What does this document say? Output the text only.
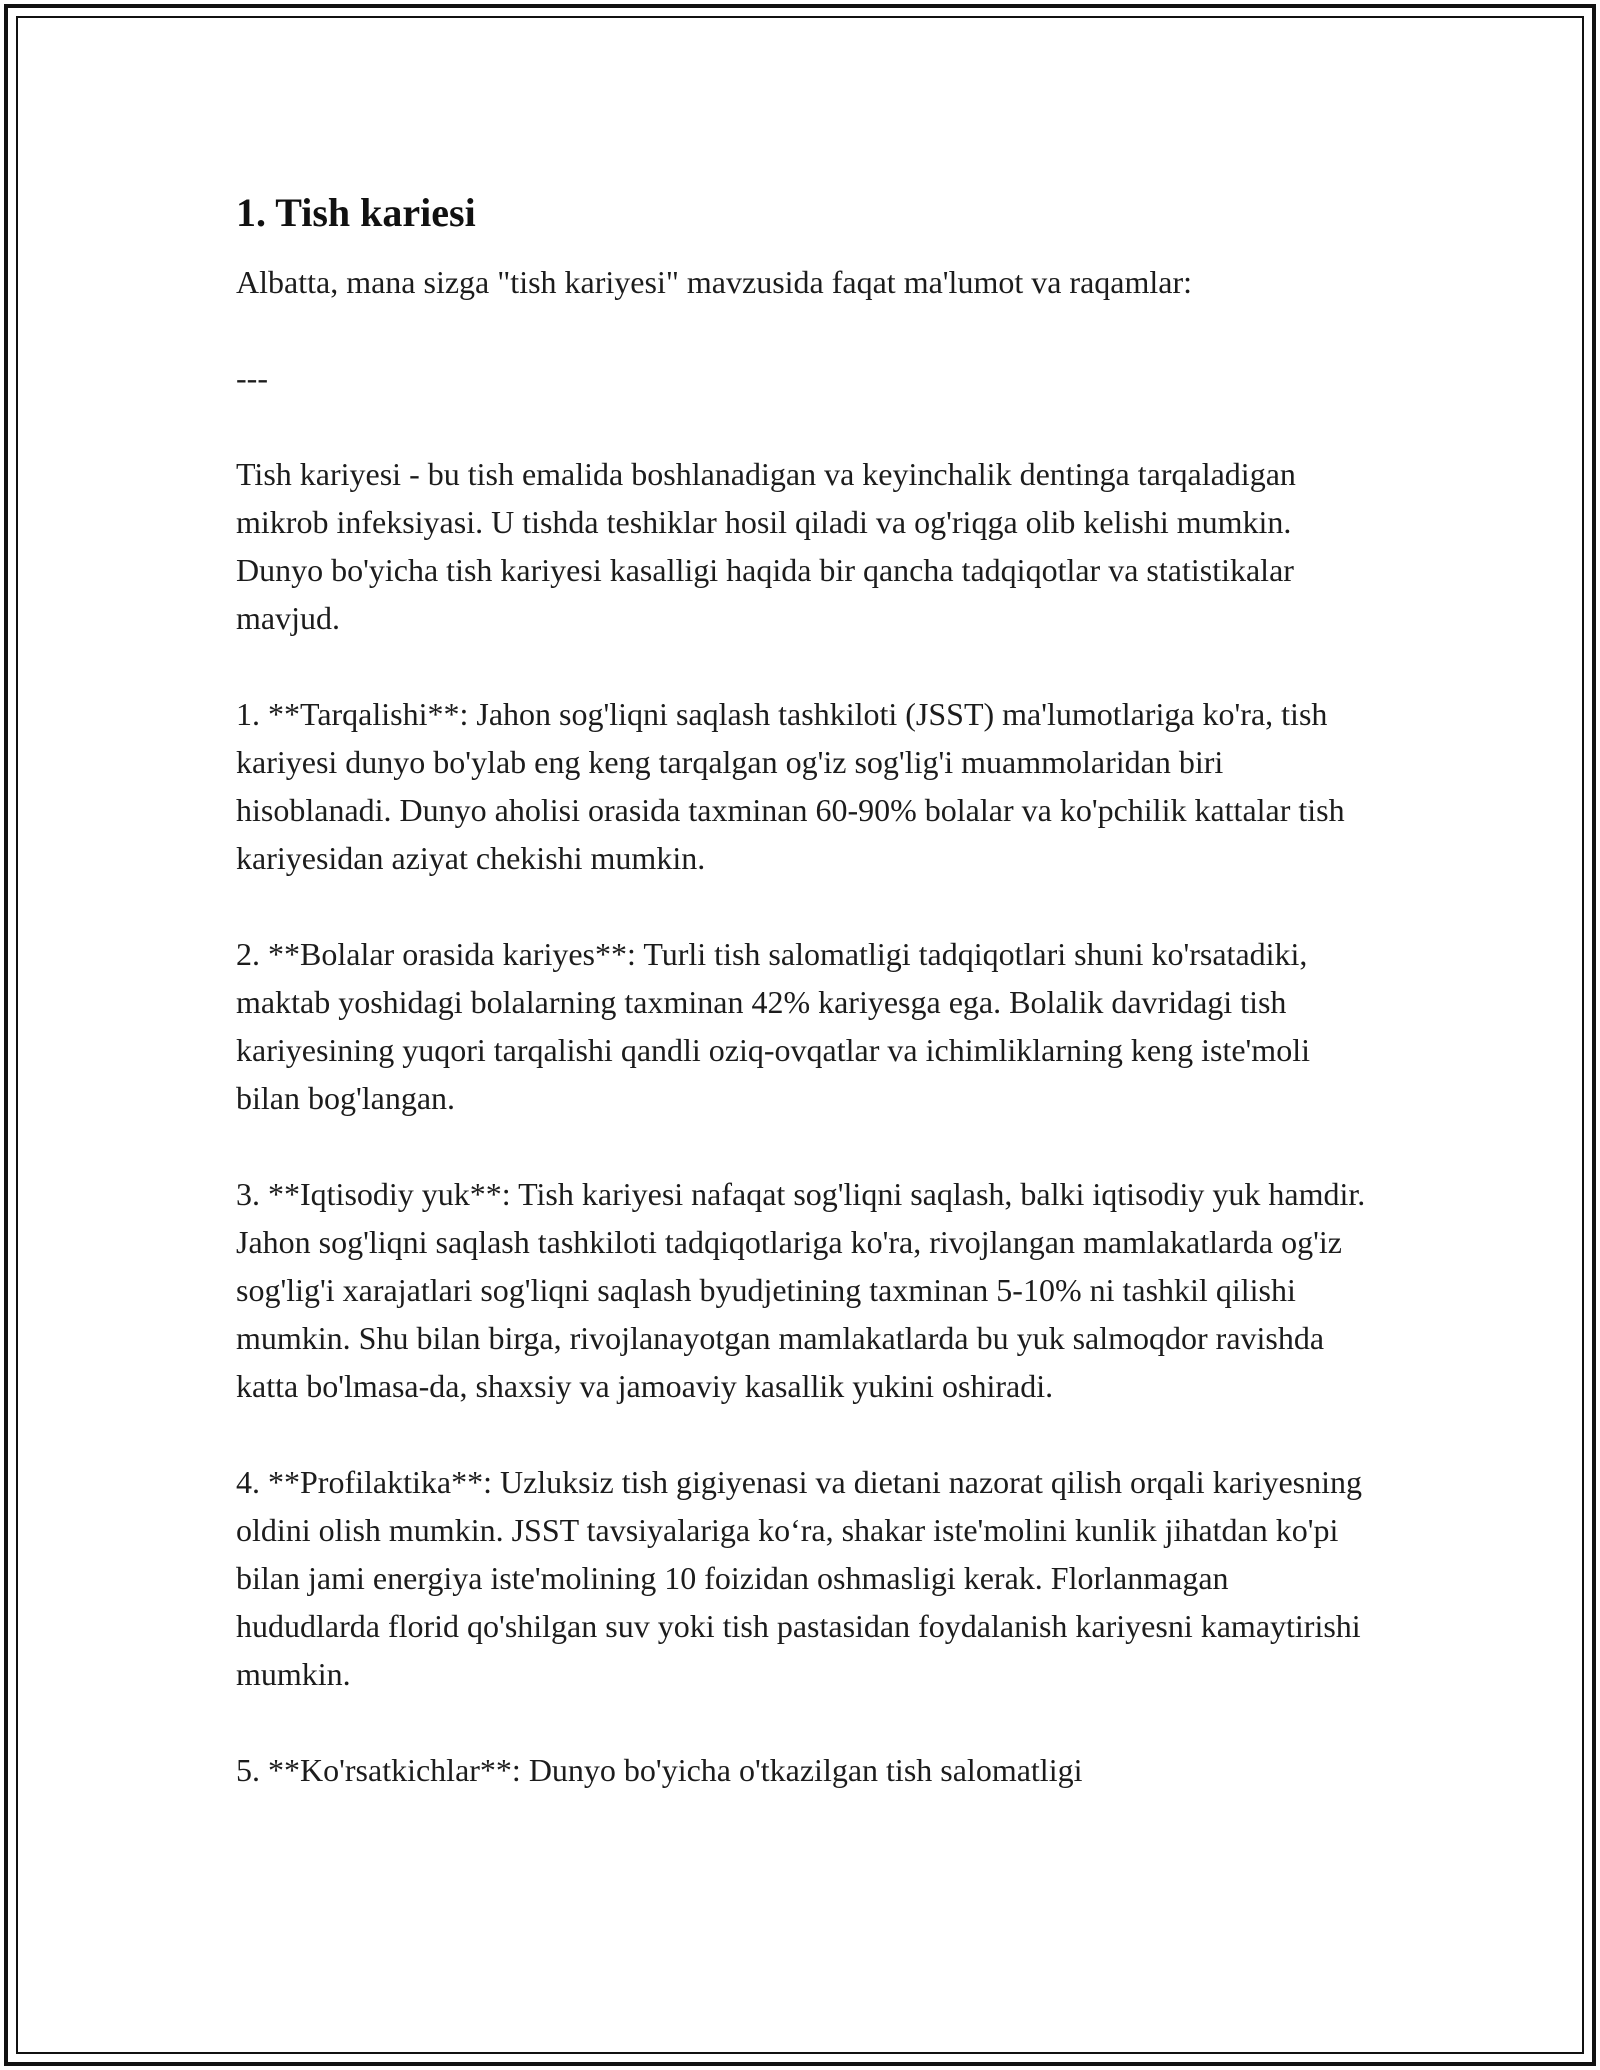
1. Tish kariesi

Albatta, mana sizga "tish kariyesi" mavzusida faqat ma'lumot va raqamlar:

---

Tish kariyesi - bu tish emalida boshlanadigan va keyinchalik dentinga tarqaladigan mikrob infeksiyasi. U tishda teshiklar hosil qiladi va og'riqga olib kelishi mumkin. Dunyo bo'yicha tish kariyesi kasalligi haqida bir qancha tadqiqotlar va statistikalar mavjud.

1. **Tarqalishi**: Jahon sog'liqni saqlash tashkiloti (JSST) ma'lumotlariga ko'ra, tish kariyesi dunyo bo'ylab eng keng tarqalgan og'iz sog'lig'i muammolaridan biri hisoblanadi. Dunyo aholisi orasida taxminan 60-90% bolalar va ko'pchilik kattalar tish kariyesidan aziyat chekishi mumkin.

2. **Bolalar orasida kariyes**: Turli tish salomatligi tadqiqotlari shuni ko'rsatadiki, maktab yoshidagi bolalarning taxminan 42% kariyesga ega. Bolalik davridagi tish kariyesining yuqori tarqalishi qandli oziq-ovqatlar va ichimliklarning keng iste'moli bilan bog'langan.

3. **Iqtisodiy yuk**: Tish kariyesi nafaqat sog'liqni saqlash, balki iqtisodiy yuk hamdir. Jahon sog'liqni saqlash tashkiloti tadqiqotlariga ko'ra, rivojlangan mamlakatlarda og'iz sog'lig'i xarajatlari sog'liqni saqlash byudjetining taxminan 5-10% ni tashkil qilishi mumkin. Shu bilan birga, rivojlanayotgan mamlakatlarda bu yuk salmoqdor ravishda katta bo'lmasa-da, shaxsiy va jamoaviy kasallik yukini oshiradi.

4. **Profilaktika**: Uzluksiz tish gigiyenasi va dietani nazorat qilish orqali kariyesning oldini olish mumkin. JSST tavsiyalariga ko‘ra, shakar iste'molini kunlik jihatdan ko'pi bilan jami energiya iste'molining 10 foizidan oshmasligi kerak. Florlanmagan hududlarda florid qo'shilgan suv yoki tish pastasidan foydalanish kariyesni kamaytirishi mumkin.

5. **Ko'rsatkichlar**: Dunyo bo'yicha o'tkazilgan tish salomatligi
